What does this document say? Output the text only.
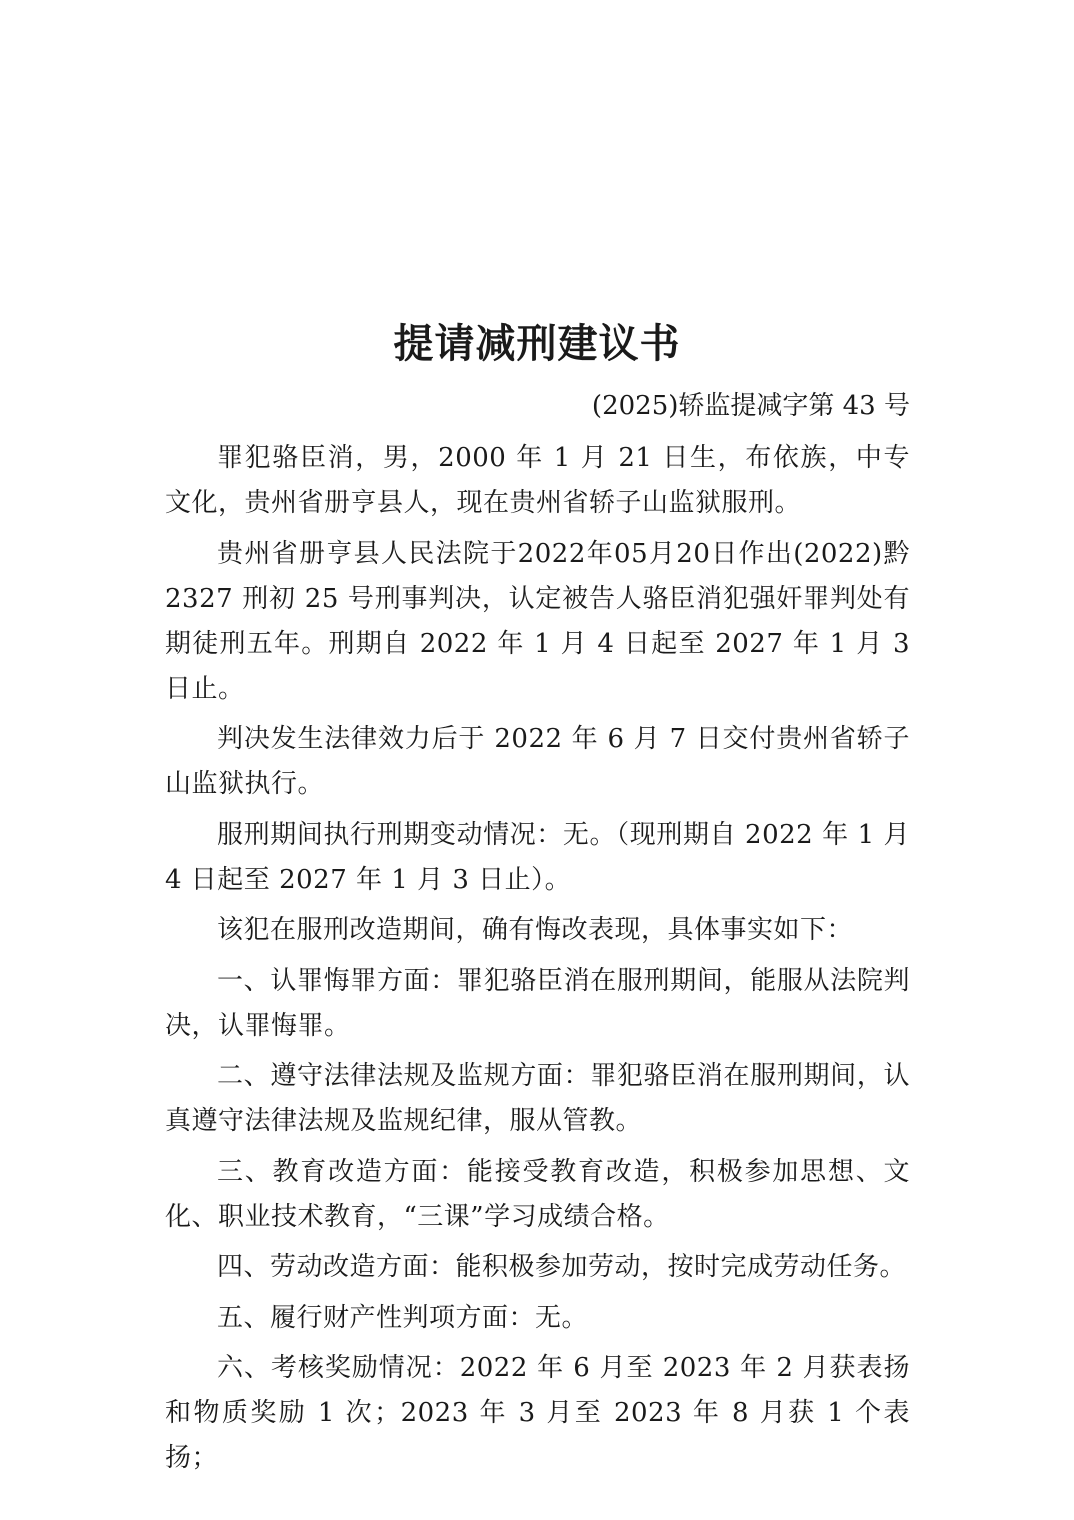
提请减刑建议书
(2025)轿监提减字第 43 号

罪犯骆臣消，男，2000 年 1 月 21 日生，布依族，中专文化，贵州省册亨县人，现在贵州省轿子山监狱服刑。

贵州省册亨县人民法院于2022年05月20日作出(2022)黔 2327 刑初 25 号刑事判决，认定被告人骆臣消犯强奸罪判处有期徒刑五年。刑期自 2022 年 1 月 4 日起至 2027 年 1 月 3 日止。

判决发生法律效力后于 2022 年 6 月 7 日交付贵州省轿子山监狱执行。

服刑期间执行刑期变动情况：无。（现刑期自 2022 年 1 月 4 日起至 2027 年 1 月 3 日止）。

该犯在服刑改造期间，确有悔改表现，具体事实如下：

一、认罪悔罪方面：罪犯骆臣消在服刑期间，能服从法院判决，认罪悔罪。

二、遵守法律法规及监规方面：罪犯骆臣消在服刑期间，认真遵守法律法规及监规纪律，服从管教。

三、教育改造方面：能接受教育改造，积极参加思想、文化、职业技术教育，“三课”学习成绩合格。

四、劳动改造方面：能积极参加劳动，按时完成劳动任务。

五、履行财产性判项方面：无。

六、考核奖励情况：2022 年 6 月至 2023 年 2 月获表扬和物质奖励 1 次；2023 年 3 月至 2023 年 8 月获 1 个表扬；
